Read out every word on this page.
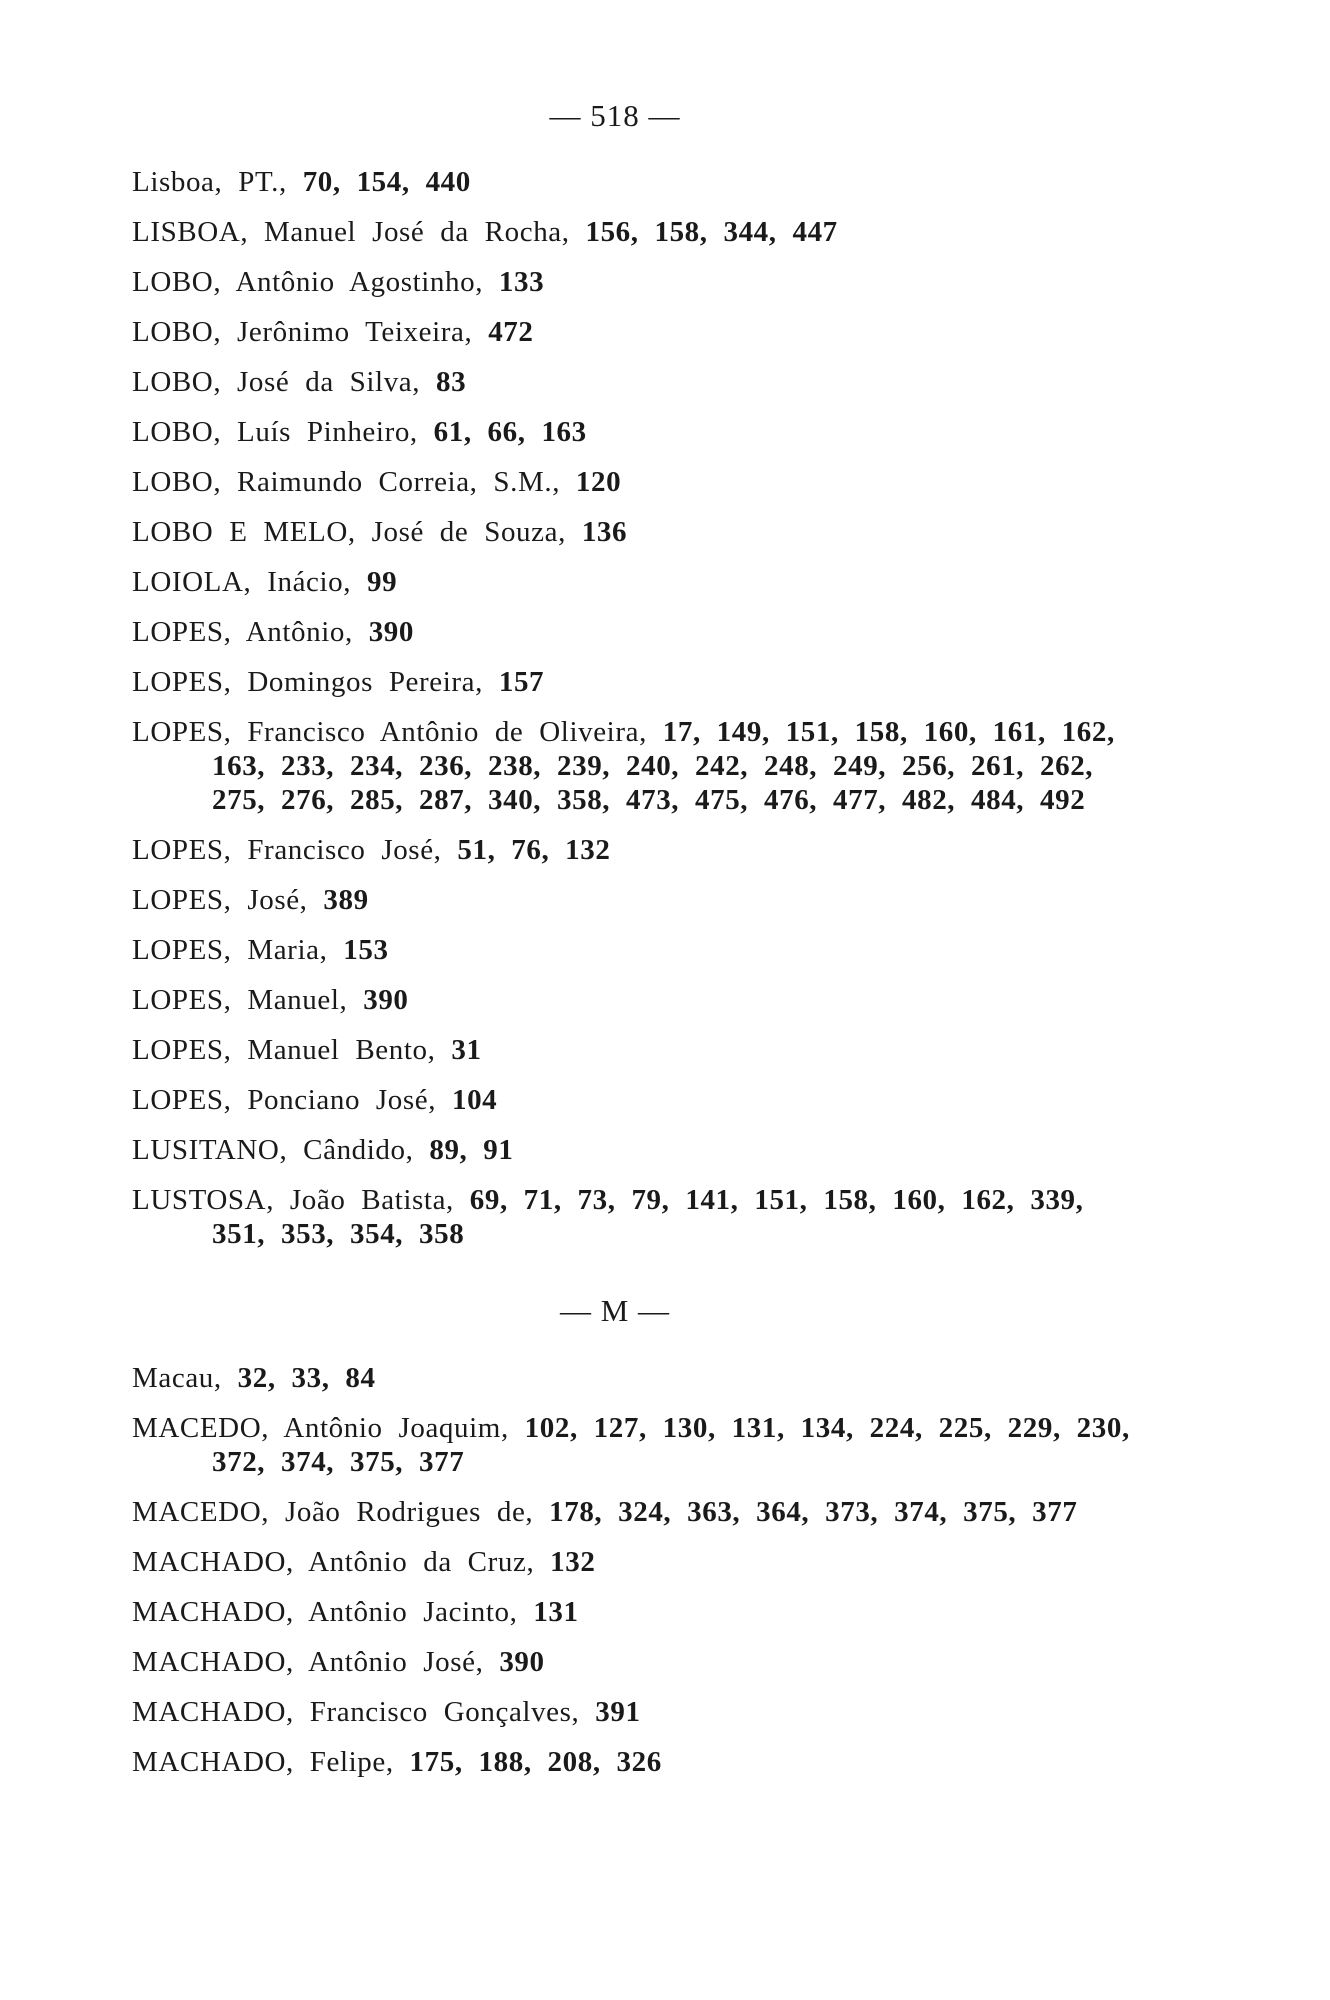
— 518 —
Lisboa, PT., 70, 154, 440
LISBOA, Manuel José da Rocha, 156, 158, 344, 447
LOBO, Antônio Agostinho, 133
LOBO, Jerônimo Teixeira, 472
LOBO, José da Silva, 83
LOBO, Luís Pinheiro, 61, 66, 163
LOBO, Raimundo Correia, S.M., 120
LOBO E MELO, José de Souza, 136
LOIOLA, Inácio, 99
LOPES, Antônio, 390
LOPES, Domingos Pereira, 157
LOPES, Francisco Antônio de Oliveira, 17, 149, 151, 158, 160, 161, 162, 163, 233, 234, 236, 238, 239, 240, 242, 248, 249, 256, 261, 262, 275, 276, 285, 287, 340, 358, 473, 475, 476, 477, 482, 484, 492
LOPES, Francisco José, 51, 76, 132
LOPES, José, 389
LOPES, Maria, 153
LOPES, Manuel, 390
LOPES, Manuel Bento, 31
LOPES, Ponciano José, 104
LUSITANO, Cândido, 89, 91
LUSTOSA, João Batista, 69, 71, 73, 79, 141, 151, 158, 160, 162, 339, 351, 353, 354, 358
— M —
Macau, 32, 33, 84
MACEDO, Antônio Joaquim, 102, 127, 130, 131, 134, 224, 225, 229, 230, 372, 374, 375, 377
MACEDO, João Rodrigues de, 178, 324, 363, 364, 373, 374, 375, 377
MACHADO, Antônio da Cruz, 132
MACHADO, Antônio Jacinto, 131
MACHADO, Antônio José, 390
MACHADO, Francisco Gonçalves, 391
MACHADO, Felipe, 175, 188, 208, 326
